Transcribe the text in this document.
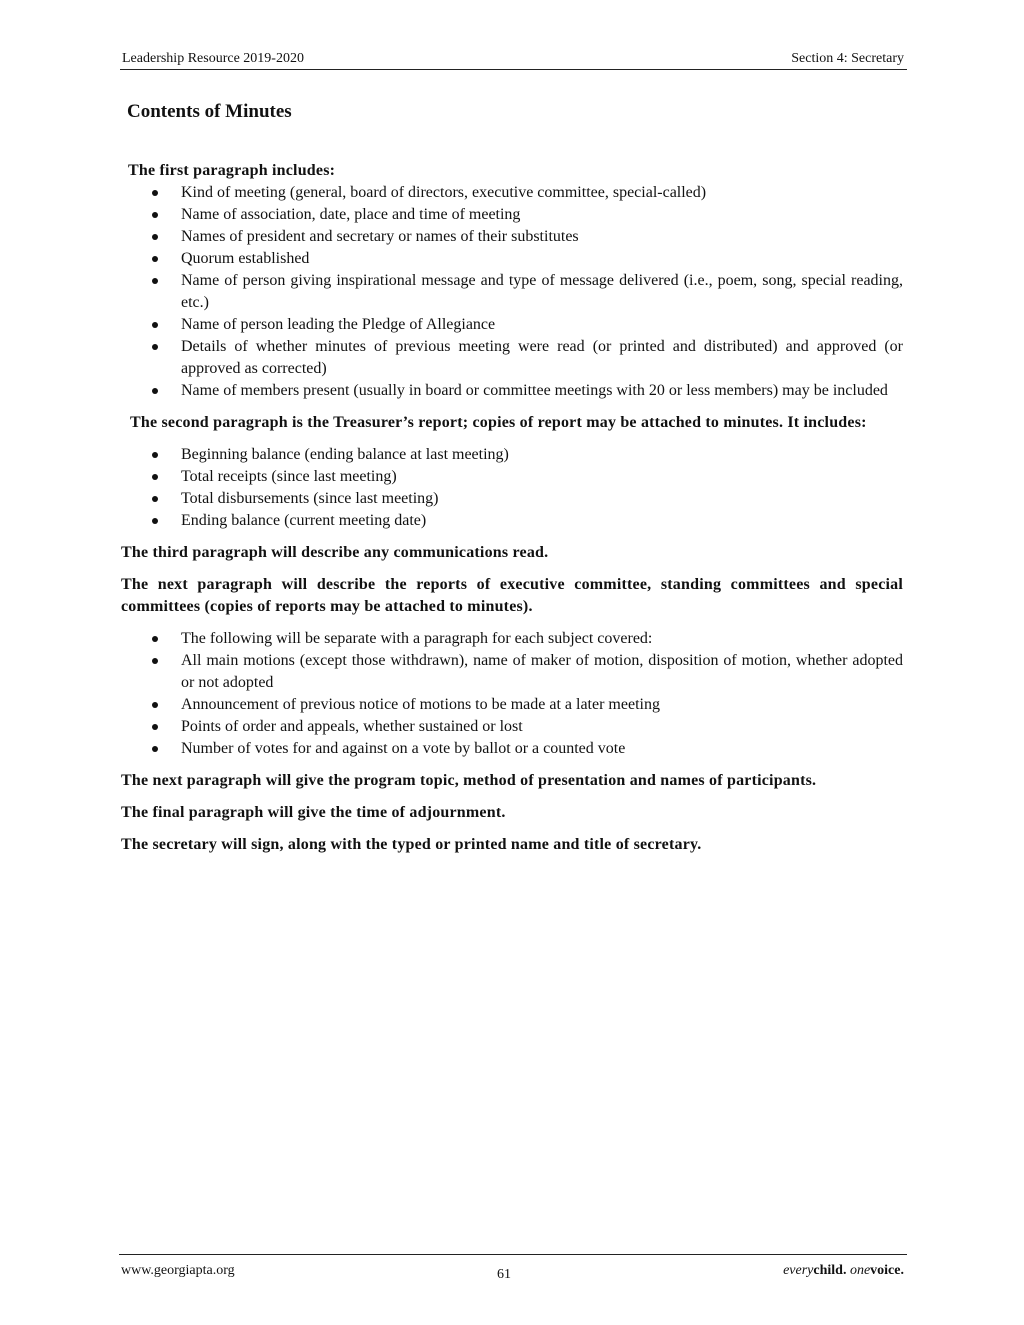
Leadership Resource 2019-2020	Section 4: Secretary
Contents of Minutes

The first paragraph includes:

Kind of meeting (general, board of directors, executive committee, special-called)
Name of association, date, place and time of meeting
Names of president and secretary or names of their substitutes
Quorum established
Name of person giving inspirational message and type of message delivered (i.e., poem, song, special reading, etc.)
Name of person leading the Pledge of Allegiance
Details of whether minutes of previous meeting were read (or printed and distributed) and approved (or approved as corrected)
Name of members present (usually in board or committee meetings with 20 or less members) may be included

The second paragraph is the Treasurer’s report; copies of report may be attached to minutes. It includes:

Beginning balance (ending balance at last meeting)
Total receipts (since last meeting)
Total disbursements (since last meeting)
Ending balance (current meeting date)

The third paragraph will describe any communications read.

The next paragraph will describe the reports of executive committee, standing committees and special committees (copies of reports may be attached to minutes).

The following will be separate with a paragraph for each subject covered:
All main motions (except those withdrawn), name of maker of motion, disposition of motion, whether adopted or not adopted
Announcement of previous notice of motions to be made at a later meeting
Points of order and appeals, whether sustained or lost
Number of votes for and against on a vote by ballot or a counted vote

The next paragraph will give the program topic, method of presentation and names of participants.

The final paragraph will give the time of adjournment.

The secretary will sign, along with the typed or printed name and title of secretary.

www.georgiapta.org	61	everychild. onevoice.
